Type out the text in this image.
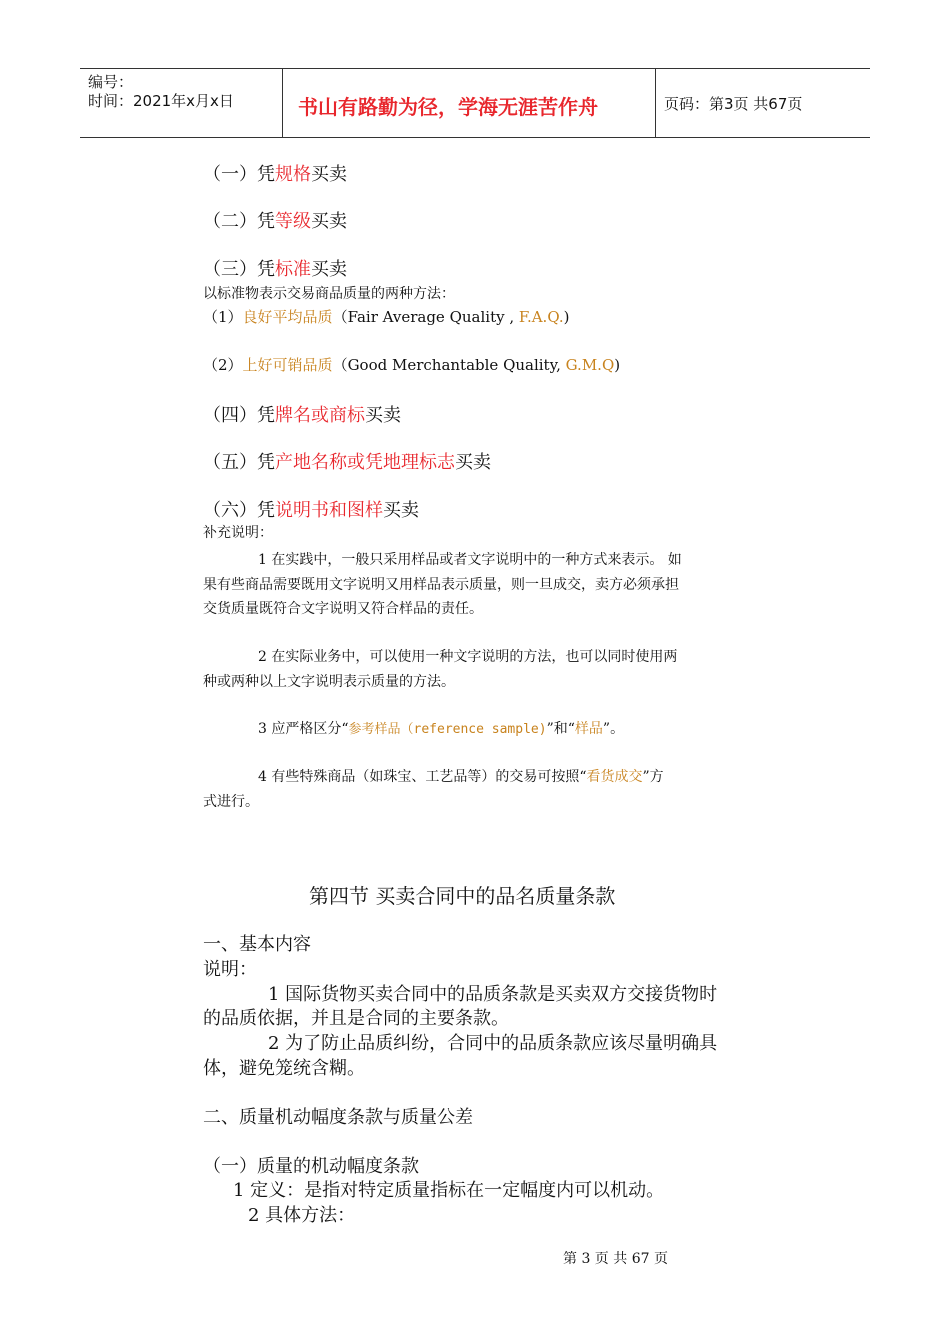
编号：
时间：2021年x月x日	书山有路勤为径，学海无涯苦作舟	页码：第3页 共67页
（一）凭规格买卖
（二）凭等级买卖
（三）凭标准买卖
以标准物表示交易商品质量的两种方法：
（1）良好平均品质（Fair Average Quality , F.A.Q.)
（2）上好可销品质（Good Merchantable Quality, G.M.Q)
（四）凭牌名或商标买卖
（五）凭产地名称或凭地理标志买卖
（六）凭说明书和图样买卖
补充说明：
1 在实践中，一般只采用样品或者文字说明中的一种方式来表示。 如
果有些商品需要既用文字说明又用样品表示质量，则一旦成交，卖方必须承担
交货质量既符合文字说明又符合样品的责任。
2 在实际业务中，可以使用一种文字说明的方法，也可以同时使用两
种或两种以上文字说明表示质量的方法。
3 应严格区分“参考样品（reference sample)”和“样品”。
4 有些特殊商品（如珠宝、工艺品等）的交易可按照“看货成交”方
式进行。
第四节 买卖合同中的品名质量条款
一、基本内容
说明：
1 国际货物买卖合同中的品质条款是买卖双方交接货物时
的品质依据，并且是合同的主要条款。
2 为了防止品质纠纷，合同中的品质条款应该尽量明确具
体，避免笼统含糊。
二、质量机动幅度条款与质量公差
（一）质量的机动幅度条款
1 定义：是指对特定质量指标在一定幅度内可以机动。
2 具体方法：
第 3 页 共 67 页
